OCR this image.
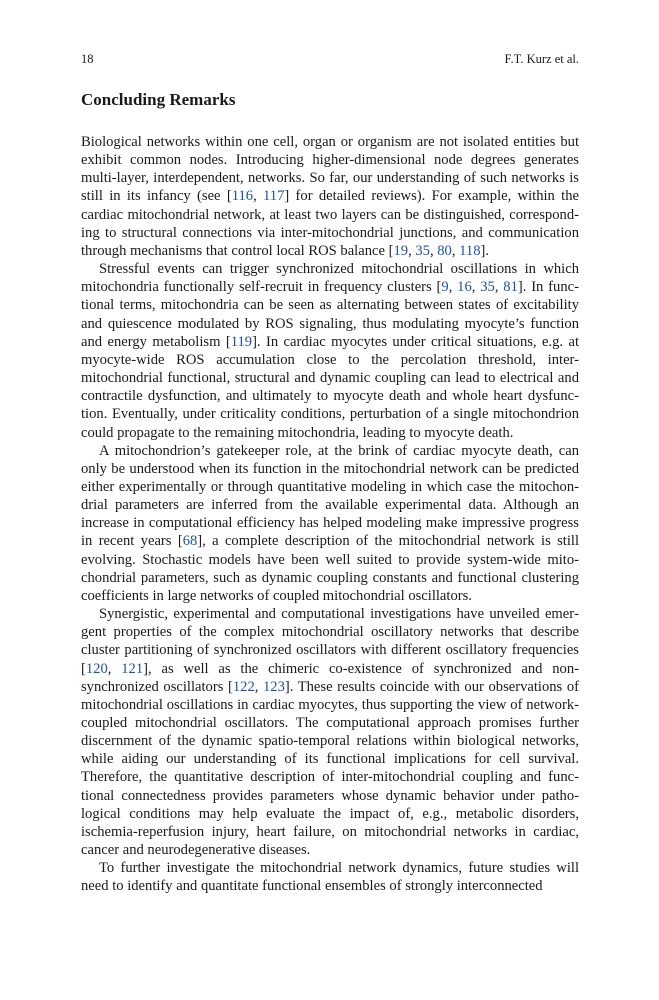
18	F.T. Kurz et al.
Concluding Remarks

Biological networks within one cell, organ or organism are not isolated entities but exhibit common nodes. Introducing higher-dimensional node degrees generates multi-layer, interdependent, networks. So far, our understanding of such networks is still in its infancy (see [116, 117] for detailed reviews). For example, within the cardiac mitochondrial network, at least two layers can be distinguished, corresponding to structural connections via inter-mitochondrial junctions, and communication through mechanisms that control local ROS balance [19, 35, 80, 118].

Stressful events can trigger synchronized mitochondrial oscillations in which mitochondria functionally self-recruit in frequency clusters [9, 16, 35, 81]. In functional terms, mitochondria can be seen as alternating between states of excitability and quiescence modulated by ROS signaling, thus modulating myocyte’s function and energy metabolism [119]. In cardiac myocytes under critical situations, e.g. at myocyte-wide ROS accumulation close to the percolation threshold, inter-​mitochondrial functional, structural and dynamic coupling can lead to electrical and contractile dysfunction, and ultimately to myocyte death and whole heart dysfunction. Eventually, under criticality conditions, perturbation of a single mitochondrion could propagate to the remaining mitochondria, leading to myocyte death.

A mitochondrion’s gatekeeper role, at the brink of cardiac myocyte death, can only be understood when its function in the mitochondrial network can be predicted either experimentally or through quantitative modeling in which case the mitochondrial parameters are inferred from the available experimental data. Although an increase in computational efficiency has helped modeling make impressive progress in recent years [68], a complete description of the mitochondrial network is still evolving. Stochastic models have been well suited to provide system-wide mitochondrial parameters, such as dynamic coupling constants and functional clustering coefficients in large networks of coupled mitochondrial oscillators.

Synergistic, experimental and computational investigations have unveiled emergent properties of the complex mitochondrial oscillatory networks that describe cluster partitioning of synchronized oscillators with different oscillatory frequencies [120, 121], as well as the chimeric co-existence of synchronized and non-​synchronized oscillators [122, 123]. These results coincide with our observations of mitochondrial oscillations in cardiac myocytes, thus supporting the view of network-​coupled mitochondrial oscillators. The computational approach promises further discernment of the dynamic spatio-temporal relations within biological networks, while aiding our understanding of its functional implications for cell survival. Therefore, the quantitative description of inter-mitochondrial coupling and functional connectedness provides parameters whose dynamic behavior under pathological conditions may help evaluate the impact of, e.g., metabolic disorders, ischemia-reperfusion injury, heart failure, on mitochondrial networks in cardiac, cancer and neurodegenerative diseases.

To further investigate the mitochondrial network dynamics, future studies will need to identify and quantitate functional ensembles of strongly interconnected
